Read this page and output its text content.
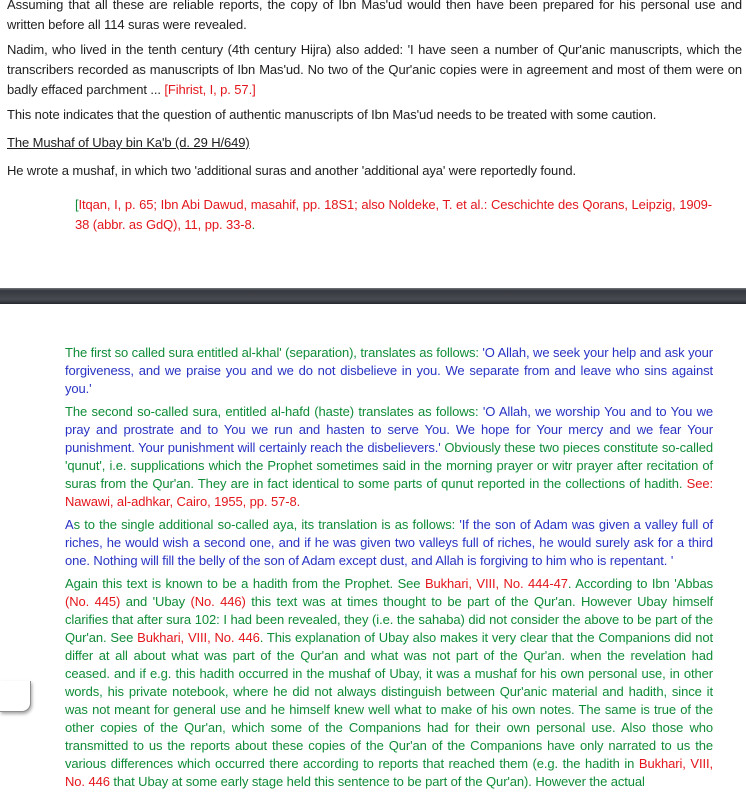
Assuming that all these are reliable reports, the copy of Ibn Mas'ud would then have been prepared for his personal use and written before all 114 suras were revealed.

Nadim, who lived in the tenth century (4th century Hijra) also added: 'I have seen a number of Qur'anic manuscripts, which the transcribers recorded as manuscripts of Ibn Mas'ud. No two of the Qur'anic copies were in agreement and most of them were on badly effaced parchment ... [Fihrist, I, p. 57.]

This note indicates that the question of authentic manuscripts of Ibn Mas'ud needs to be treated with some caution.

The Mushaf of Ubay bin Ka'b (d. 29 H/649)

He wrote a mushaf, in which two 'additional suras and another 'additional aya' were reportedly found.

[Itqan, I, p. 65; Ibn Abi Dawud, masahif, pp. 18S1; also Noldeke, T. et al.: Ceschichte des Qorans, Leipzig, 1909-38 (abbr. as GdQ), 11, pp. 33-8.

The first so called sura entitled al-khal' (separation), translates as follows: 'O Allah, we seek your help and ask your forgiveness, and we praise you and we do not disbelieve in you. We separate from and leave who sins against you.'

The second so-called sura, entitled al-hafd (haste) translates as follows: 'O Allah, we worship You and to You we pray and prostrate and to You we run and hasten to serve You. We hope for Your mercy and we fear Your punishment. Your punishment will certainly reach the disbelievers.' Obviously these two pieces constitute so-called 'qunut', i.e. supplications which the Prophet sometimes said in the morning prayer or witr prayer after recitation of suras from the Qur'an. They are in fact identical to some parts of qunut reported in the collections of hadith. See: Nawawi, al-adhkar, Cairo, 1955, pp. 57-8.

As to the single additional so-called aya, its translation is as follows: 'If the son of Adam was given a valley full of riches, he would wish a second one, and if he was given two valleys full of riches, he would surely ask for a third one. Nothing will fill the belly of the son of Adam except dust, and Allah is forgiving to him who is repentant. '

Again this text is known to be a hadith from the Prophet. See Bukhari, VIII, No. 444-47. According to Ibn 'Abbas (No. 445) and 'Ubay (No. 446) this text was at times thought to be part of the Qur'an. However Ubay himself clarifies that after sura 102: I had been revealed, they (i.e. the sahaba) did not consider the above to be part of the Qur'an. See Bukhari, VIII, No. 446. This explanation of Ubay also makes it very clear that the Companions did not differ at all about what was part of the Qur'an and what was not part of the Qur'an. when the revelation had ceased. and if e.g. this hadith occurred in the mushaf of Ubay, it was a mushaf for his own personal use, in other words, his private notebook, where he did not always distinguish between Qur'anic material and hadith, since it was not meant for general use and he himself knew well what to make of his own notes. The same is true of the other copies of the Qur'an, which some of the Companions had for their own personal use. Also those who transmitted to us the reports about these copies of the Qur'an of the Companions have only narrated to us the various differences which occurred there according to reports that reached them (e.g. the hadith in Bukhari, VIII, No. 446 that Ubay at some early stage held this sentence to be part of the Qur'an). However the actual
